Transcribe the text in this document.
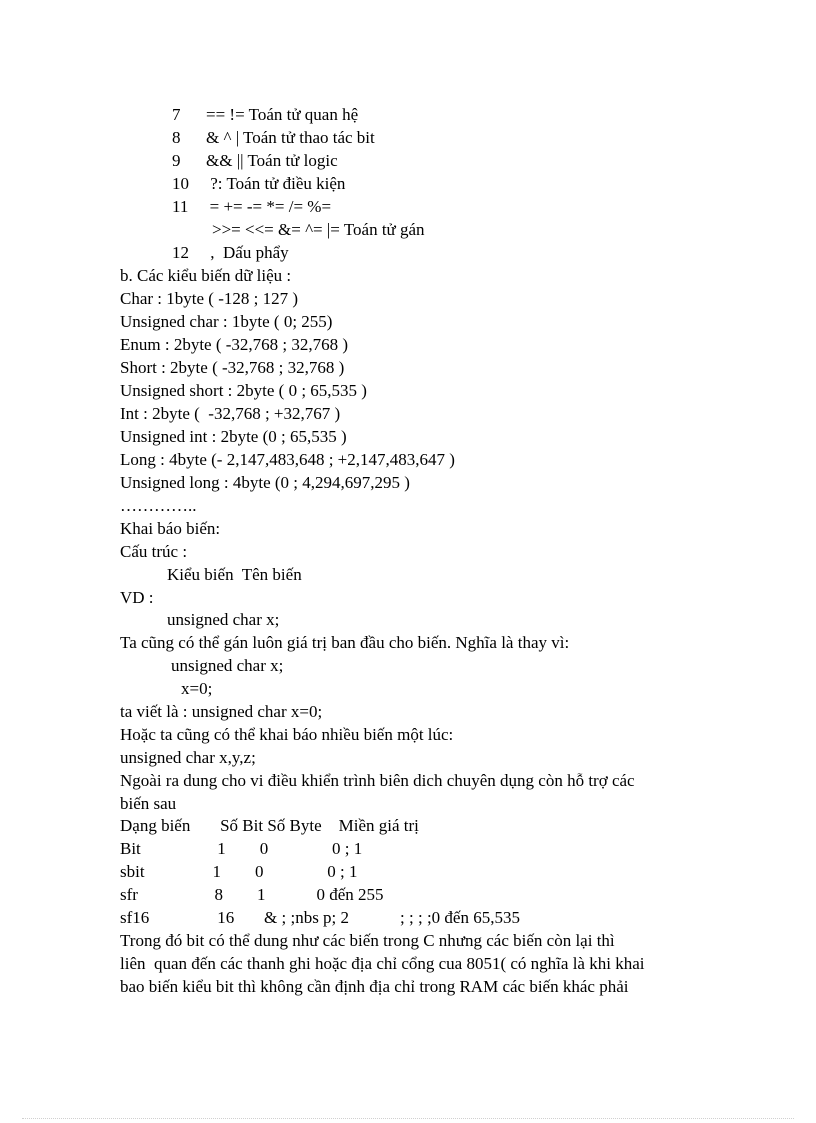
7      == != Toán tử quan hệ
8      & ^ | Toán tử thao tác bit
9      && || Toán tử logic
10     ?: Toán tử điều kiện
11     = += -= *= /= %=
>>= <<= &= ^= |= Toán tử gán
12     ,  Dấu phẩy
b. Các kiểu biến dữ liệu :
Char : 1byte ( -128 ; 127 )
Unsigned char : 1byte ( 0; 255)
Enum : 2byte ( -32,768 ; 32,768 )
Short : 2byte ( -32,768 ; 32,768 )
Unsigned short : 2byte ( 0 ; 65,535 )
Int : 2byte (  -32,768 ; +32,767 )
Unsigned int : 2byte (0 ; 65,535 )
Long : 4byte (- 2,147,483,648 ; +2,147,483,647 )
Unsigned long : 4byte (0 ; 4,294,697,295 )
…………..
Khai báo biến:
Cấu trúc :
Kiểu biến  Tên biến
VD :
unsigned char x;
Ta cũng có thể gán luôn giá trị ban đầu cho biến. Nghĩa là thay vì:
unsigned char x;
x=0;
ta viết là : unsigned char x=0;
Hoặc ta cũng có thể khai báo nhiều biến một lúc:
unsigned char x,y,z;
Ngoài ra dung cho vi điều khiển trình biên dich chuyên dụng còn hỗ trợ các
biến sau
Dạng biến       Số Bit Số Byte    Miền giá trị
Bit                  1        0               0 ; 1
sbit                1        0               0 ; 1
sfr                  8        1            0 đến 255
sf16                16       & ; ;nbs p; 2            ; ; ; ;0 đến 65,535
Trong đó bit có thể dung như các biến trong C nhưng các biến còn lại thì
liên  quan đến các thanh ghi hoặc địa chỉ cổng cua 8051( có nghĩa là khi khai
bao biến kiểu bit thì không cần định địa chỉ trong RAM các biến khác phải
